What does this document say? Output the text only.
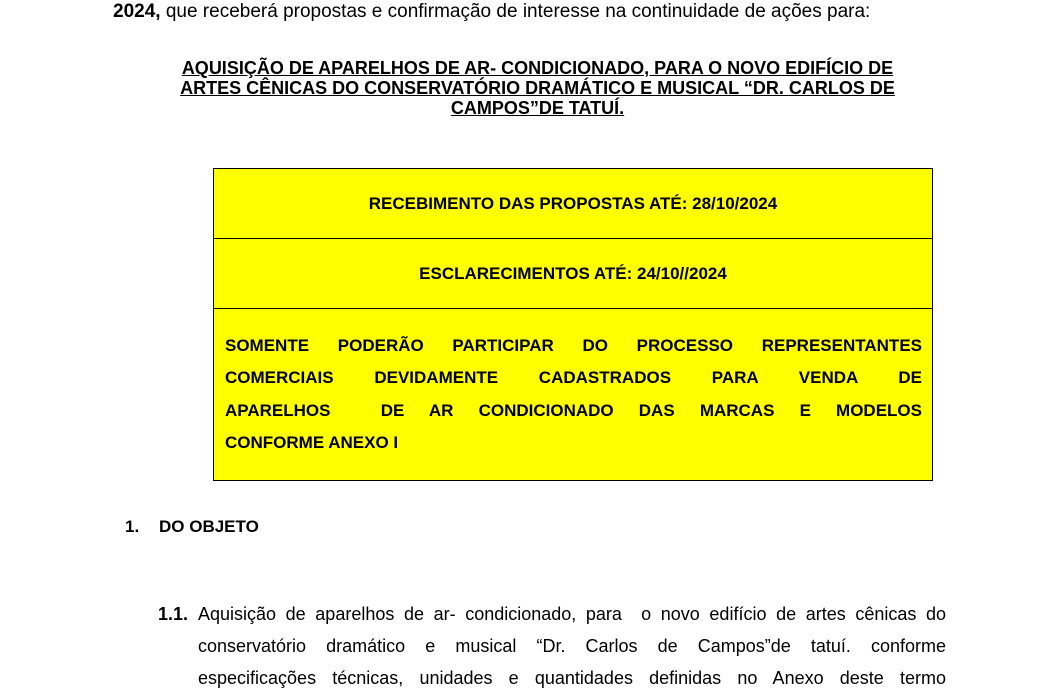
2024, que receberá propostas e confirmação de interesse na continuidade de ações para:
AQUISIÇÃO DE APARELHOS DE AR- CONDICIONADO, PARA O NOVO EDIFÍCIO DE
ARTES CÊNICAS DO CONSERVATÓRIO DRAMÁTICO E MUSICAL “DR. CARLOS DE
CAMPOS”DE TATUÍ.
RECEBIMENTO DAS PROPOSTAS ATÉ: 28/10/2024
ESCLARECIMENTOS ATÉ: 24/10//2024

SOMENTE PODERÃO PARTICIPAR DO PROCESSO REPRESENTANTES
COMERCIAIS DEVIDAMENTE CADASTRADOS PARA VENDA DE
APARELHOS  DE AR CONDICIONADO DAS MARCAS E MODELOS
CONFORME ANEXO I
1. DO OBJETO
1.1. Aquisição de aparelhos de ar- condicionado, para  o novo edifício de artes cênicas do
conservatório dramático e musical “Dr. Carlos de Campos”de tatuí. conforme
especificações técnicas, unidades e quantidades definidas no Anexo deste termo
